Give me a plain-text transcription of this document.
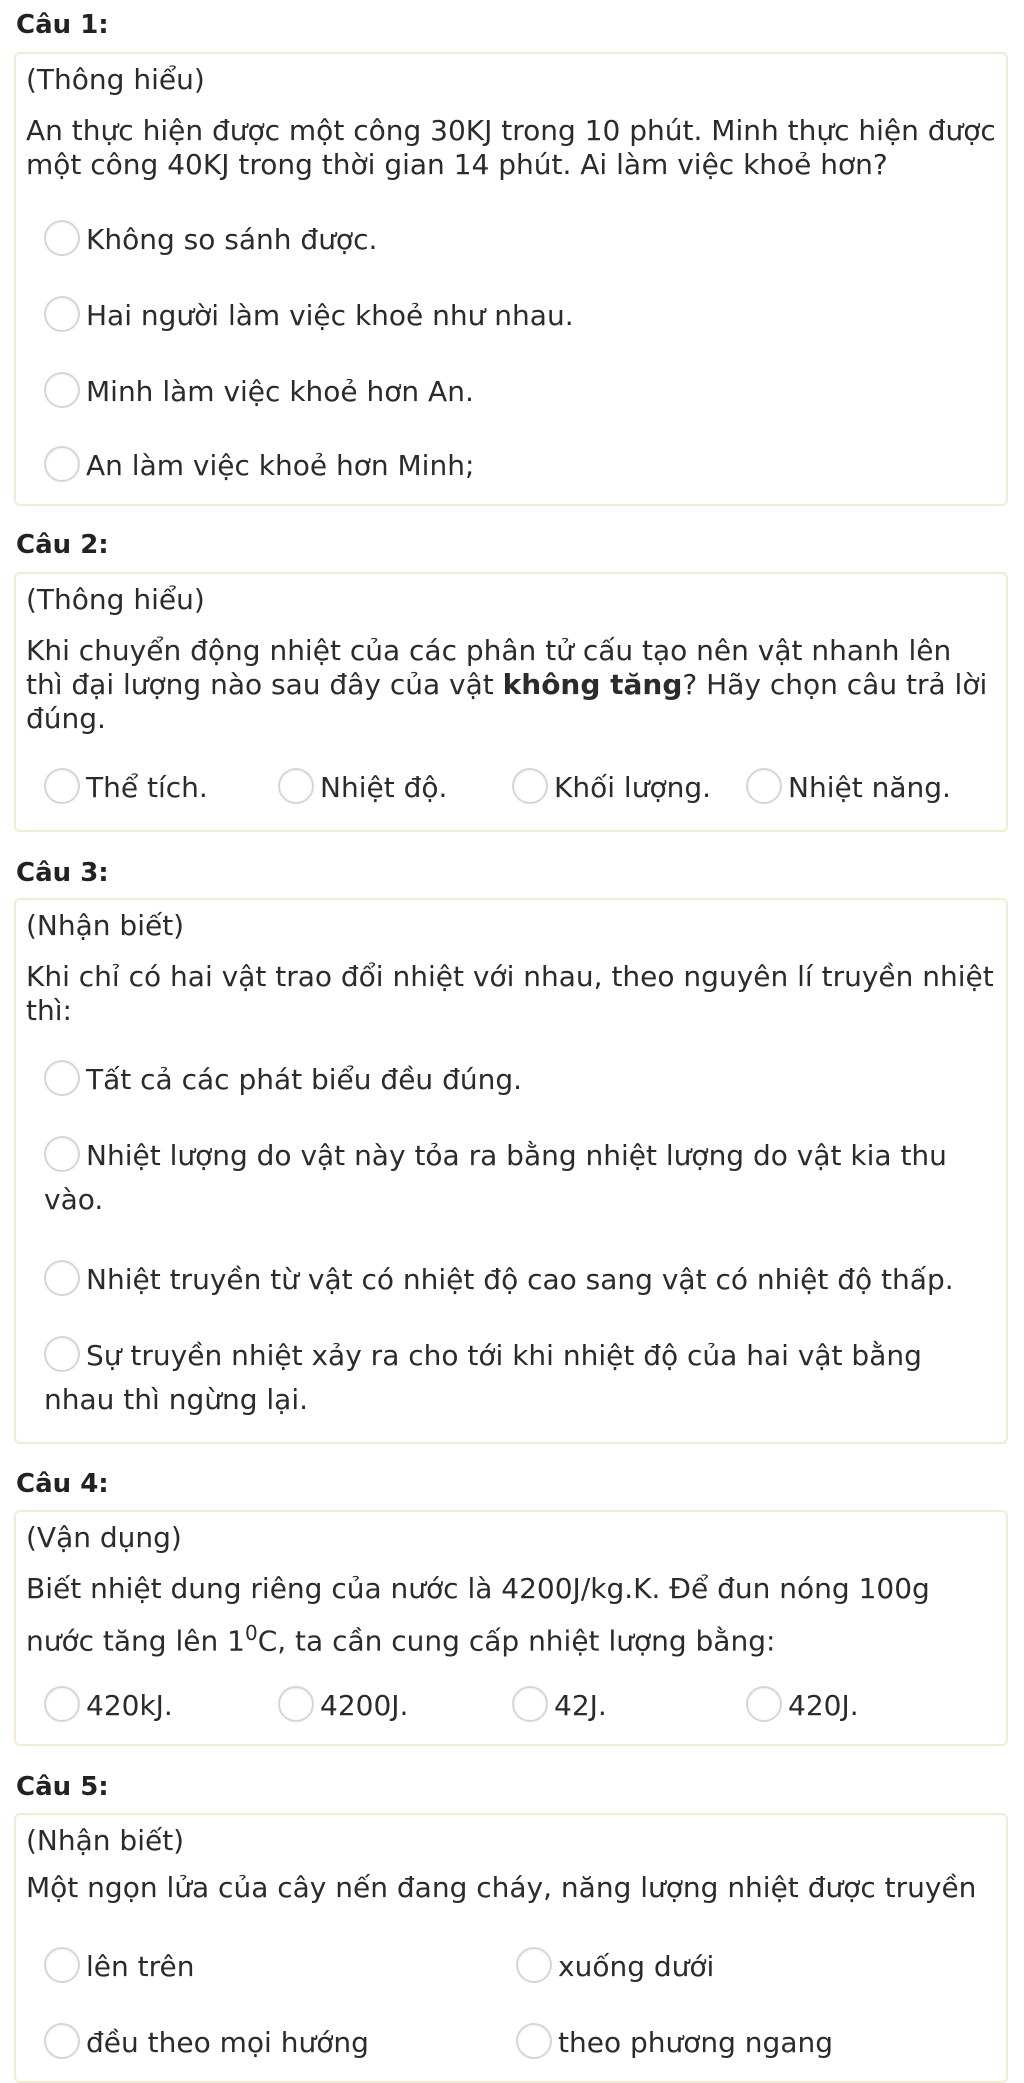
Câu 1:
(Thông hiểu)
An thực hiện được một công 30KJ trong 10 phút. Minh thực hiện được một công 40KJ trong thời gian 14 phút. Ai làm việc khoẻ hơn?
Không so sánh được.
Hai người làm việc khoẻ như nhau.
Minh làm việc khoẻ hơn An.
An làm việc khoẻ hơn Minh;
Câu 2:
(Thông hiểu)
Khi chuyển động nhiệt của các phân tử cấu tạo nên vật nhanh lên thì đại lượng nào sau đây của vật không tăng? Hãy chọn câu trả lời đúng.
Thể tích.	Nhiệt độ.	Khối lượng.	Nhiệt năng.
Câu 3:
(Nhận biết)
Khi chỉ có hai vật trao đổi nhiệt với nhau, theo nguyên lí truyền nhiệt thì:
Tất cả các phát biểu đều đúng.
Nhiệt lượng do vật này tỏa ra bằng nhiệt lượng do vật kia thu vào.
Nhiệt truyền từ vật có nhiệt độ cao sang vật có nhiệt độ thấp.
Sự truyền nhiệt xảy ra cho tới khi nhiệt độ của hai vật bằng nhau thì ngừng lại.
Câu 4:
(Vận dụng)
Biết nhiệt dung riêng của nước là 4200J/kg.K. Để đun nóng 100g
nước tăng lên $1^0C$, ta cần cung cấp nhiệt lượng bằng:
420kJ.	4200J.	42J.	420J.
Câu 5:
(Nhận biết)
Một ngọn lửa của cây nến đang cháy, năng lượng nhiệt được truyền
lên trên	xuống dưới
đều theo mọi hướng	theo phương ngang
